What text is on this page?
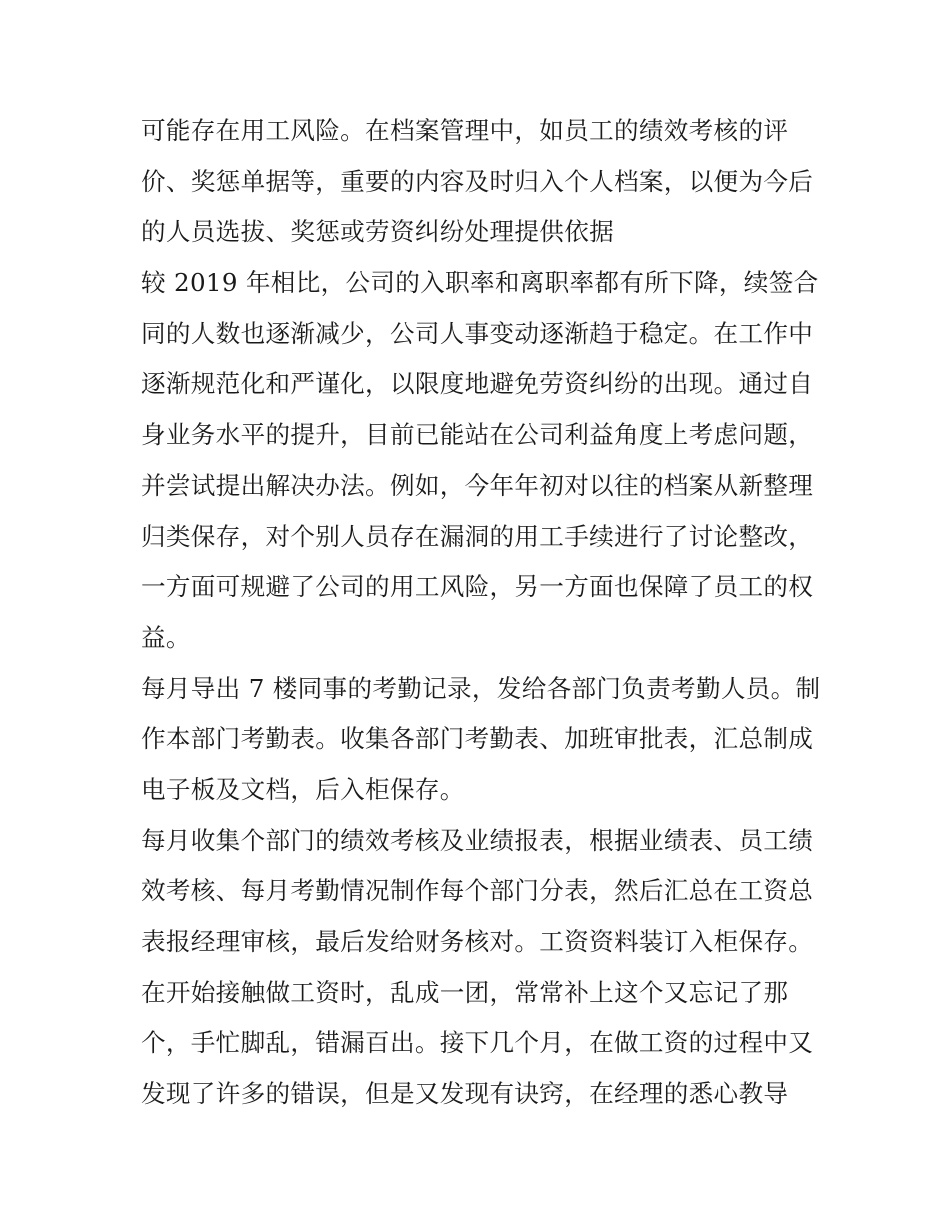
可能存在用工风险。在档案管理中，如员工的绩效考核的评
价、奖惩单据等，重要的内容及时归入个人档案，以便为今后
的人员选拔、奖惩或劳资纠纷处理提供依据

较 2019 年相比，公司的入职率和离职率都有所下降，续签合
同的人数也逐渐减少，公司人事变动逐渐趋于稳定。在工作中
逐渐规范化和严谨化，以限度地避免劳资纠纷的出现。通过自
身业务水平的提升，目前已能站在公司利益角度上考虑问题，
并尝试提出解决办法。例如，今年年初对以往的档案从新整理
归类保存，对个别人员存在漏洞的用工手续进行了讨论整改，
一方面可规避了公司的用工风险，另一方面也保障了员工的权
益。

每月导出 7 楼同事的考勤记录，发给各部门负责考勤人员。制
作本部门考勤表。收集各部门考勤表、加班审批表，汇总制成
电子板及文档，后入柜保存。

每月收集个部门的绩效考核及业绩报表，根据业绩表、员工绩
效考核、每月考勤情况制作每个部门分表，然后汇总在工资总
表报经理审核，最后发给财务核对。工资资料装订入柜保存。

在开始接触做工资时，乱成一团，常常补上这个又忘记了那
个，手忙脚乱，错漏百出。接下几个月，在做工资的过程中又
发现了许多的错误，但是又发现有诀窍，在经理的悉心教导
